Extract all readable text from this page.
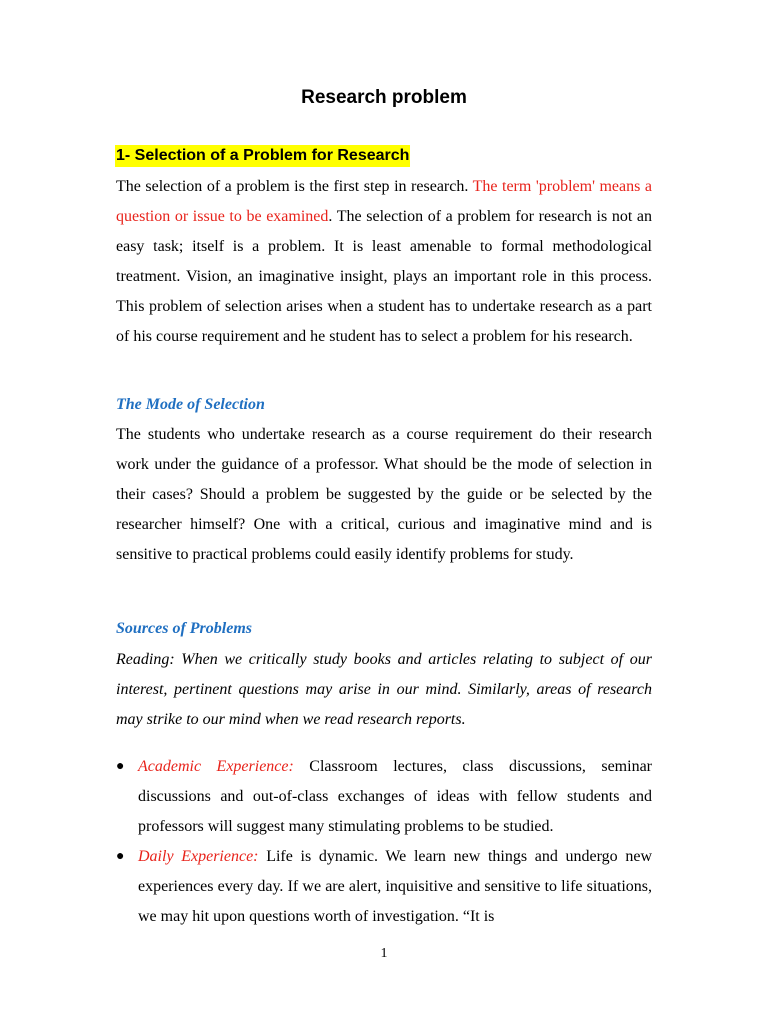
Research problem
1- Selection of a Problem for Research
The selection of a problem is the first step in research. The term 'problem' means a question or issue to be examined. The selection of a problem for research is not an easy task; itself is a problem. It is least amenable to formal methodological treatment. Vision, an imaginative insight, plays an important role in this process. This problem of selection arises when a student has to undertake research as a part of his course requirement and he student has to select a problem for his research.
The Mode of Selection
The students who undertake research as a course requirement do their research work under the guidance of a professor. What should be the mode of selection in their cases? Should a problem be suggested by the guide or be selected by the researcher himself? One with a critical, curious and imaginative mind and is sensitive to practical problems could easily identify problems for study.
Sources of Problems
Reading: When we critically study books and articles relating to subject of our interest, pertinent questions may arise in our mind. Similarly, areas of research may strike to our mind when we read research reports.
● Academic Experience: Classroom lectures, class discussions, seminar discussions and out-of-class exchanges of ideas with fellow students and professors will suggest many stimulating problems to be studied.
● Daily Experience: Life is dynamic. We learn new things and undergo new experiences every day. If we are alert, inquisitive and sensitive to life situations, we may hit upon questions worth of investigation. “It is
1
